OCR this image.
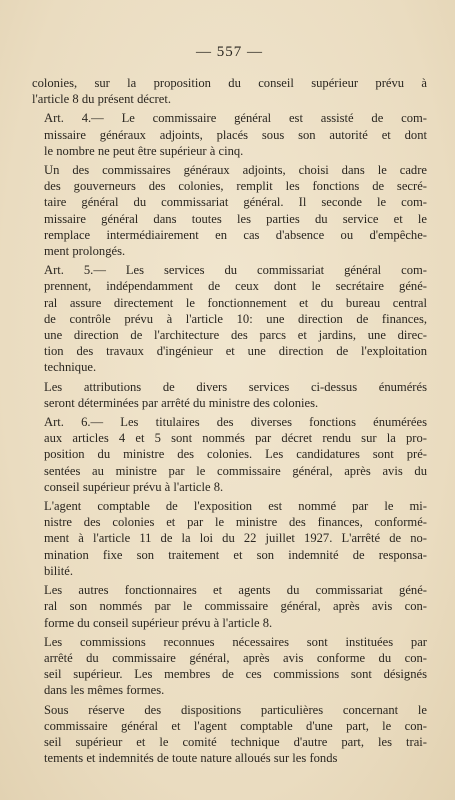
— 557 —
colonies, sur la proposition du conseil supérieur prévu à
l'article 8 du présent décret.
Art. 4.— Le commissaire général est assisté de com-
missaire généraux adjoints, placés sous son autorité et dont
le nombre ne peut être supérieur à cinq.
Un des commissaires généraux adjoints, choisi dans le cadre
des gouverneurs des colonies, remplit les fonctions de secré-
taire général du commissariat général. Il seconde le com-
missaire général dans toutes les parties du service et le
remplace intermédiairement en cas d'absence ou d'empêche-
ment prolongés.
Art. 5.— Les services du commissariat général com-
prennent, indépendamment de ceux dont le secrétaire géné-
ral assure directement le fonctionnement et du bureau central
de contrôle prévu à l'article 10: une direction de finances,
une direction de l'architecture des parcs et jardins, une direc-
tion des travaux d'ingénieur et une direction de l'exploitation
technique.
Les attributions de divers services ci-dessus énumérés
seront déterminées par arrêté du ministre des colonies.
Art. 6.— Les titulaires des diverses fonctions énumérées
aux articles 4 et 5 sont nommés par décret rendu sur la pro-
position du ministre des colonies. Les candidatures sont pré-
sentées au ministre par le commissaire général, après avis du
conseil supérieur prévu à l'article 8.
L'agent comptable de l'exposition est nommé par le mi-
nistre des colonies et par le ministre des finances, conformé-
ment à l'article 11 de la loi du 22 juillet 1927. L'arrêté de no-
mination fixe son traitement et son indemnité de responsa-
bilité.
Les autres fonctionnaires et agents du commissariat géné-
ral son nommés par le commissaire général, après avis con-
forme du conseil supérieur prévu à l'article 8.
Les commissions reconnues nécessaires sont instituées par
arrêté du commissaire général, après avis conforme du con-
seil supérieur. Les membres de ces commissions sont désignés
dans les mêmes formes.
Sous réserve des dispositions particulières concernant le
commissaire général et l'agent comptable d'une part, le con-
seil supérieur et le comité technique d'autre part, les trai-
tements et indemnités de toute nature alloués sur les fonds
